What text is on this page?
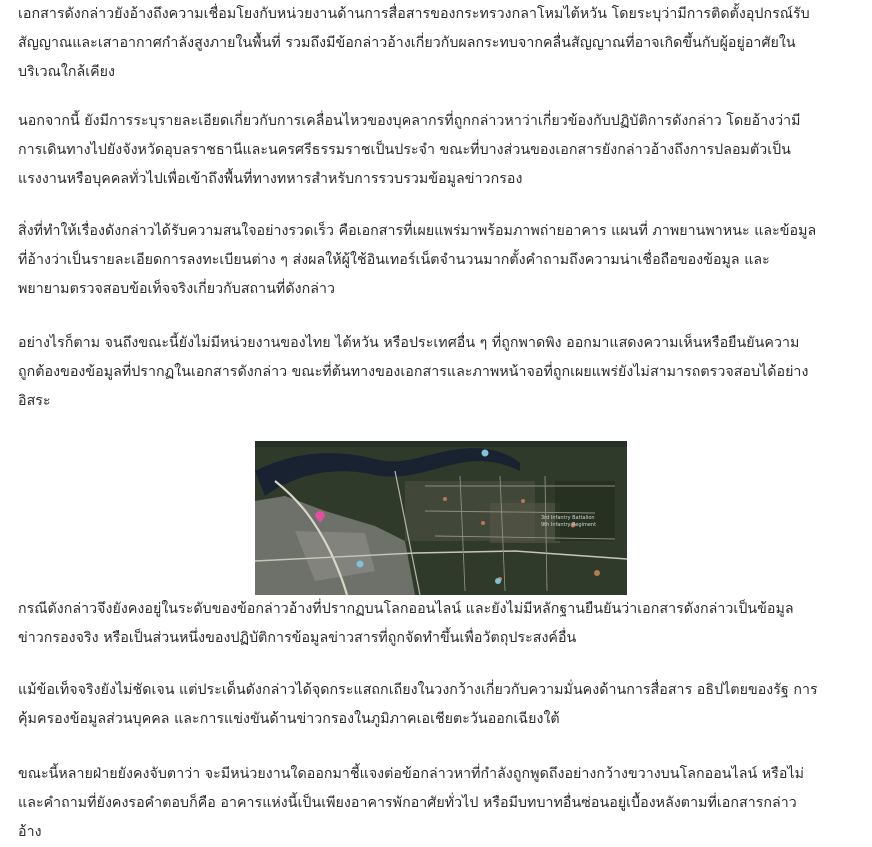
เอกสารดังกล่าวยังอ้างถึงความเชื่อมโยงกับหน่วยงานด้านการสื่อสารของกระทรวงกลาโหมไต้หวัน โดยระบุว่ามีการติดตั้งอุปกรณ์รับ
สัญญาณและเสาอากาศกำลังสูงภายในพื้นที่ รวมถึงมีข้อกล่าวอ้างเกี่ยวกับผลกระทบจากคลื่นสัญญาณที่อาจเกิดขึ้นกับผู้อยู่อาศัยใน
บริเวณใกล้เคียง
นอกจากนี้ ยังมีการระบุรายละเอียดเกี่ยวกับการเคลื่อนไหวของบุคลากรที่ถูกกล่าวหาว่าเกี่ยวข้องกับปฏิบัติการดังกล่าว โดยอ้างว่ามี
การเดินทางไปยังจังหวัดอุบลราชธานีและนครศรีธรรมราชเป็นประจำ ขณะที่บางส่วนของเอกสารยังกล่าวอ้างถึงการปลอมตัวเป็น
แรงงานหรือบุคคลทั่วไปเพื่อเข้าถึงพื้นที่ทางทหารสำหรับการรวบรวมข้อมูลข่าวกรอง
สิ่งที่ทำให้เรื่องดังกล่าวได้รับความสนใจอย่างรวดเร็ว คือเอกสารที่เผยแพร่มาพร้อมภาพถ่ายอาคาร แผนที่ ภาพยานพาหนะ และข้อมูล
ที่อ้างว่าเป็นรายละเอียดการลงทะเบียนต่าง ๆ ส่งผลให้ผู้ใช้อินเทอร์เน็ตจำนวนมากตั้งคำถามถึงความน่าเชื่อถือของข้อมูล และ
พยายามตรวจสอบข้อเท็จจริงเกี่ยวกับสถานที่ดังกล่าว
อย่างไรก็ตาม จนถึงขณะนี้ยังไม่มีหน่วยงานของไทย ไต้หวัน หรือประเทศอื่น ๆ ที่ถูกพาดพิง ออกมาแสดงความเห็นหรือยืนยันความ
ถูกต้องของข้อมูลที่ปรากฏในเอกสารดังกล่าว ขณะที่ต้นทางของเอกสารและภาพหน้าจอที่ถูกเผยแพร่ยังไม่สามารถตรวจสอบได้อย่าง
อิสระ
3rd Infantry Battalion
9th Infantry Regiment
กรณีดังกล่าวจึงยังคงอยู่ในระดับของข้อกล่าวอ้างที่ปรากฏบนโลกออนไลน์ และยังไม่มีหลักฐานยืนยันว่าเอกสารดังกล่าวเป็นข้อมูล
ข่าวกรองจริง หรือเป็นส่วนหนึ่งของปฏิบัติการข้อมูลข่าวสารที่ถูกจัดทำขึ้นเพื่อวัตถุประสงค์อื่น
แม้ข้อเท็จจริงยังไม่ชัดเจน แต่ประเด็นดังกล่าวได้จุดกระแสถกเถียงในวงกว้างเกี่ยวกับความมั่นคงด้านการสื่อสาร อธิปไตยของรัฐ การ
คุ้มครองข้อมูลส่วนบุคคล และการแข่งขันด้านข่าวกรองในภูมิภาคเอเชียตะวันออกเฉียงใต้
ขณะนี้หลายฝ่ายยังคงจับตาว่า จะมีหน่วยงานใดออกมาชี้แจงต่อข้อกล่าวหาที่กำลังถูกพูดถึงอย่างกว้างขวางบนโลกออนไลน์ หรือไม่
และคำถามที่ยังคงรอคำตอบก็คือ อาคารแห่งนี้เป็นเพียงอาคารพักอาศัยทั่วไป หรือมีบทบาทอื่นซ่อนอยู่เบื้องหลังตามที่เอกสารกล่าว
อ้าง
